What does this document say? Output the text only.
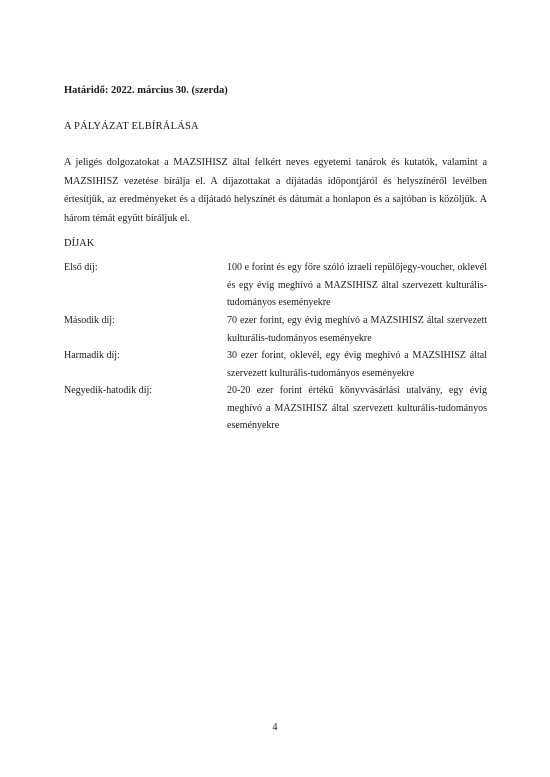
Határidő: 2022. március 30. (szerda)
A PÁLYÁZAT ELBÍRÁLÁSA
A jeligés dolgozatokat a MAZSIHISZ által felkért neves egyetemi tanárok és kutatók, valamint a MAZSIHISZ vezetése bírálja el. A díjazottakat a díjátadás időpontjáról és helyszínéről levélben értesítjük, az eredményeket és a díjátadó helyszínét és dátumát a honlapon és a sajtóban is közöljük. A három témát együtt bíráljuk el.
DÍJAK
Első díj:	100 e forint és egy főre szóló izraeli repülőjegy-voucher, oklevél és egy évig meghívó a MAZSIHISZ által szervezett kulturális-tudományos eseményekre
Második díj:	70 ezer forint, egy évig meghívó a MAZSIHISZ által szervezett kulturális-tudományos eseményekre
Harmadik díj:	30 ezer forint, oklevél, egy évig meghívó a MAZSIHISZ által szervezett kulturális-tudományos eseményekre
Negyedik-hatodik díj:	20-20 ezer forint értékű könyvvásárlási utalvány, egy évig meghívó a MAZSIHISZ által szervezett kulturális-tudományos eseményekre
4
